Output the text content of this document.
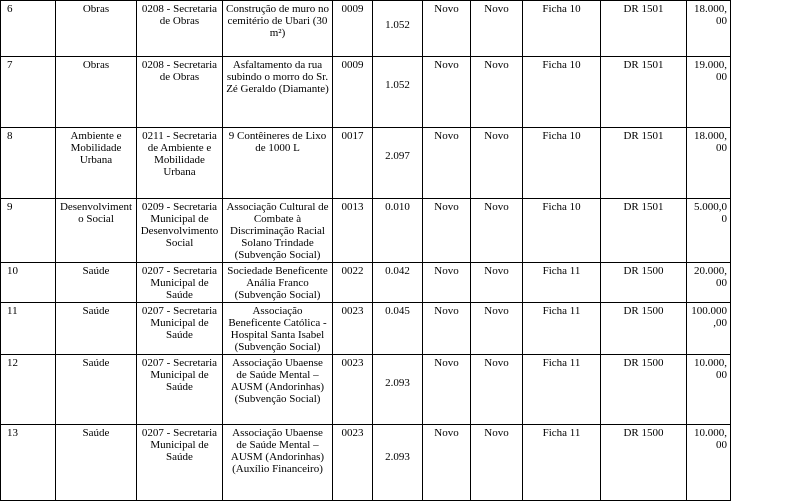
6	Obras	0208 - Secretaria de Obras	Construção de muro no cemitério de Ubari (30 m²)	0009	1.052	Novo	Novo	Ficha 10	DR 1501	18.000,00
7	Obras	0208 - Secretaria de Obras	Asfaltamento da rua subindo o morro do Sr. Zé Geraldo (Diamante)	0009	1.052	Novo	Novo	Ficha 10	DR 1501	19.000,00
8	Ambiente e Mobilidade Urbana	0211 - Secretaria de Ambiente e Mobilidade Urbana	9 Contêineres de Lixo de 1000 L	0017	2.097	Novo	Novo	Ficha 10	DR 1501	18.000,00
9	Desenvolvimento Social	0209 - Secretaria Municipal de Desenvolvimento Social	Associação Cultural de Combate à Discriminação Racial Solano Trindade (Subvenção Social)	0013	0.010	Novo	Novo	Ficha 10	DR 1501	5.000,00
10	Saúde	0207 - Secretaria Municipal de Saúde	Sociedade Beneficente Anália Franco (Subvenção Social)	0022	0.042	Novo	Novo	Ficha 11	DR 1500	20.000,00
11	Saúde	0207 - Secretaria Municipal de Saúde	Associação Beneficente Católica - Hospital Santa Isabel (Subvenção Social)	0023	0.045	Novo	Novo	Ficha 11	DR 1500	100.000,00
12	Saúde	0207 - Secretaria Municipal de Saúde	Associação Ubaense de Saúde Mental – AUSM (Andorinhas) (Subvenção Social)	0023	2.093	Novo	Novo	Ficha 11	DR 1500	10.000,00
13	Saúde	0207 - Secretaria Municipal de Saúde	Associação Ubaense de Saúde Mental – AUSM (Andorinhas) (Auxílio Financeiro)	0023	2.093	Novo	Novo	Ficha 11	DR 1500	10.000,00
